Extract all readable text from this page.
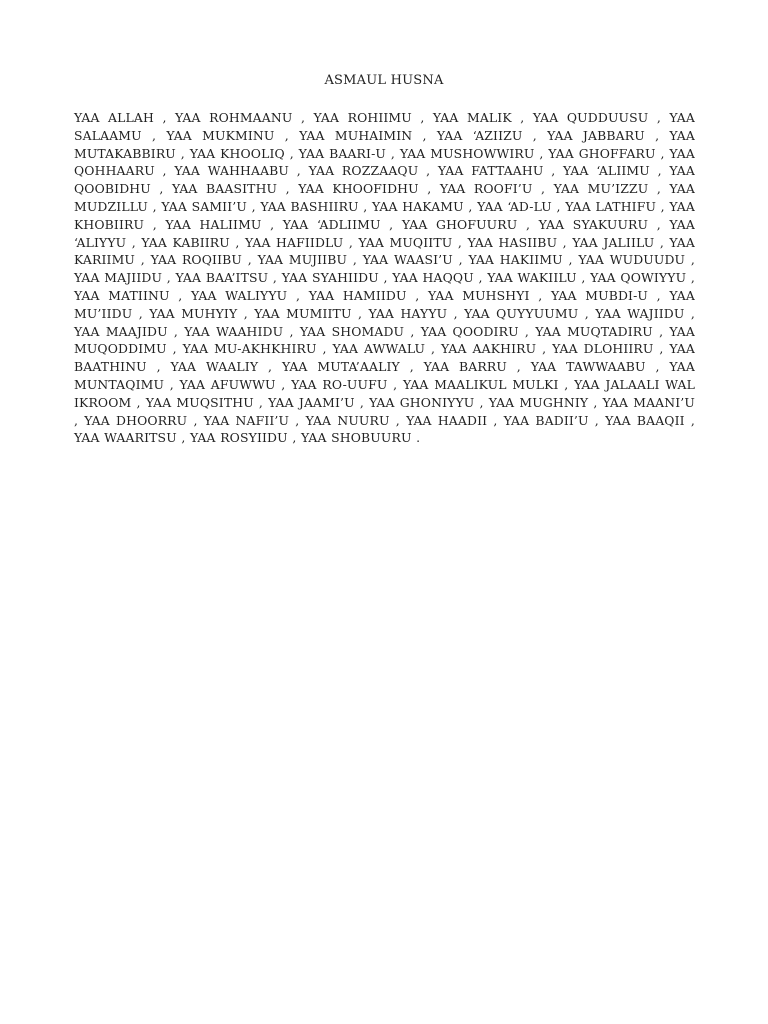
ASMAUL HUSNA

YAA ALLAH , YAA ROHMAANU , YAA ROHIIMU , YAA MALIK , YAA QUDDUUSU , YAA SALAAMU , YAA MUKMINU , YAA MUHAIMIN , YAA ‘AZIIZU , YAA JABBARU , YAA MUTAKABBIRU , YAA KHOOLIQ , YAA BAARI-U , YAA MUSHOWWIRU , YAA GHOFFARU , YAA QOHHAARU , YAA WAHHAABU , YAA ROZZAAQU , YAA FATTAAHU , YAA ‘ALIIMU , YAA QOOBIDHU , YAA BAASITHU , YAA KHOOFIDHU , YAA ROOFI’U , YAA MU’IZZU , YAA MUDZILLU , YAA SAMII’U , YAA BASHIIRU , YAA HAKAMU , YAA ‘AD-LU , YAA LATHIFU , YAA KHOBIIRU , YAA HALIIMU , YAA ‘ADLIIMU , YAA GHOFUURU , YAA SYAKUURU , YAA ‘ALIYYU , YAA KABIIRU , YAA HAFIIDLU , YAA MUQIITU , YAA HASIIBU , YAA JALIILU , YAA KARIIMU , YAA ROQIIBU , YAA MUJIIBU , YAA WAASI’U , YAA HAKIIMU , YAA WUDUUDU , YAA MAJIIDU , YAA BAA’ITSU , YAA SYAHIIDU , YAA HAQQU , YAA WAKIILU , YAA QOWIYYU , YAA MATIINU , YAA WALIYYU , YAA HAMIIDU , YAA MUHSHYI , YAA MUBDI-U , YAA MU’IIDU , YAA MUHYIY , YAA MUMIITU , YAA HAYYU , YAA QUYYUUMU , YAA WAJIIDU , YAA MAAJIDU , YAA WAAHIDU , YAA SHOMADU , YAA QOODIRU , YAA MUQTADIRU , YAA MUQODDIMU , YAA MU-AKHKHIRU , YAA AWWALU , YAA AAKHIRU , YAA DLOHIIRU , YAA BAATHINU , YAA WAALIY , YAA MUTA’AALIY , YAA BARRU , YAA TAWWAABU , YAA MUNTAQIMU , YAA AFUWWU , YAA RO-UUFU , YAA MAALIKUL MULKI , YAA JALAALI WAL IKROOM , YAA MUQSITHU , YAA JAAMI’U , YAA GHONIYYU , YAA MUGHNIY , YAA MAANI’U , YAA DHOORRU , YAA NAFII’U , YAA NUURU , YAA HAADII , YAA BADII’U , YAA BAAQII , YAA WAARITSU , YAA ROSYIIDU , YAA SHOBUURU .
